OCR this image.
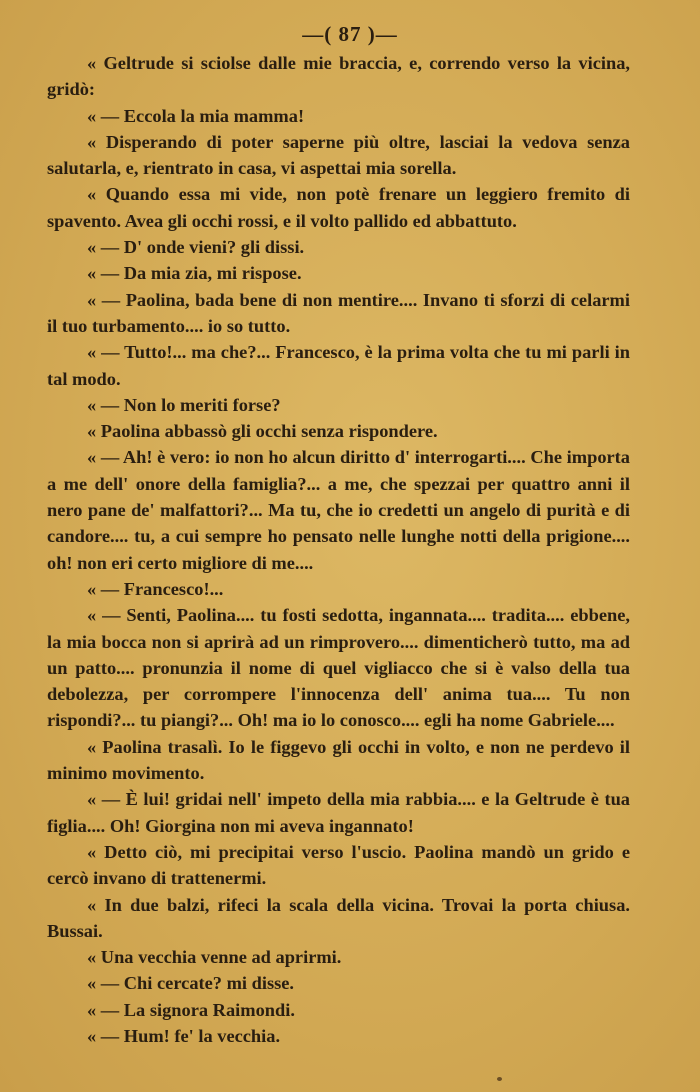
—( 87 )—

« Geltrude si sciolse dalle mie braccia, e, correndo verso la vicina, gridò:

« — Eccola la mia mamma!

« Disperando di poter saperne più oltre, lasciai la vedova senza salutarla, e, rientrato in casa, vi aspettai mia sorella.

« Quando essa mi vide, non potè frenare un leggiero fremito di spavento. Avea gli occhi rossi, e il volto pallido ed abbattuto.

« — D' onde vieni? gli dissi.

« — Da mia zia, mi rispose.

« — Paolina, bada bene di non mentire.... Invano ti sforzi di celarmi il tuo turbamento.... io so tutto.

« — Tutto!... ma che?... Francesco, è la prima volta che tu mi parli in tal modo.

« — Non lo meriti forse?

« Paolina abbassò gli occhi senza rispondere.

« — Ah! è vero: io non ho alcun diritto d' interrogarti.... Che importa a me dell' onore della famiglia?... a me, che spezzai per quattro anni il nero pane de' malfattori?... Ma tu, che io credetti un angelo di purità e di candore.... tu, a cui sempre ho pensato nelle lunghe notti della prigione.... oh! non eri certo migliore di me....

« — Francesco!...

« — Senti, Paolina.... tu fosti sedotta, ingannata.... tradita.... ebbene, la mia bocca non si aprirà ad un rimprovero.... dimenticherò tutto, ma ad un patto.... pronunzia il nome di quel vigliacco che si è valso della tua debolezza, per corrompere l'innocenza dell' anima tua.... Tu non rispondi?... tu piangi?... Oh! ma io lo conosco.... egli ha nome Gabriele....

« Paolina trasalì. Io le figgevo gli occhi in volto, e non ne perdevo il minimo movimento.

« — È lui! gridai nell' impeto della mia rabbia.... e la Geltrude è tua figlia.... Oh! Giorgina non mi aveva ingannato!

« Detto ciò, mi precipitai verso l'uscio. Paolina mandò un grido e cercò invano di trattenermi.

« In due balzi, rifeci la scala della vicina. Trovai la porta chiusa. Bussai.

« Una vecchia venne ad aprirmi.

« — Chi cercate? mi disse.

« — La signora Raimondi.

« — Hum! fe' la vecchia.
